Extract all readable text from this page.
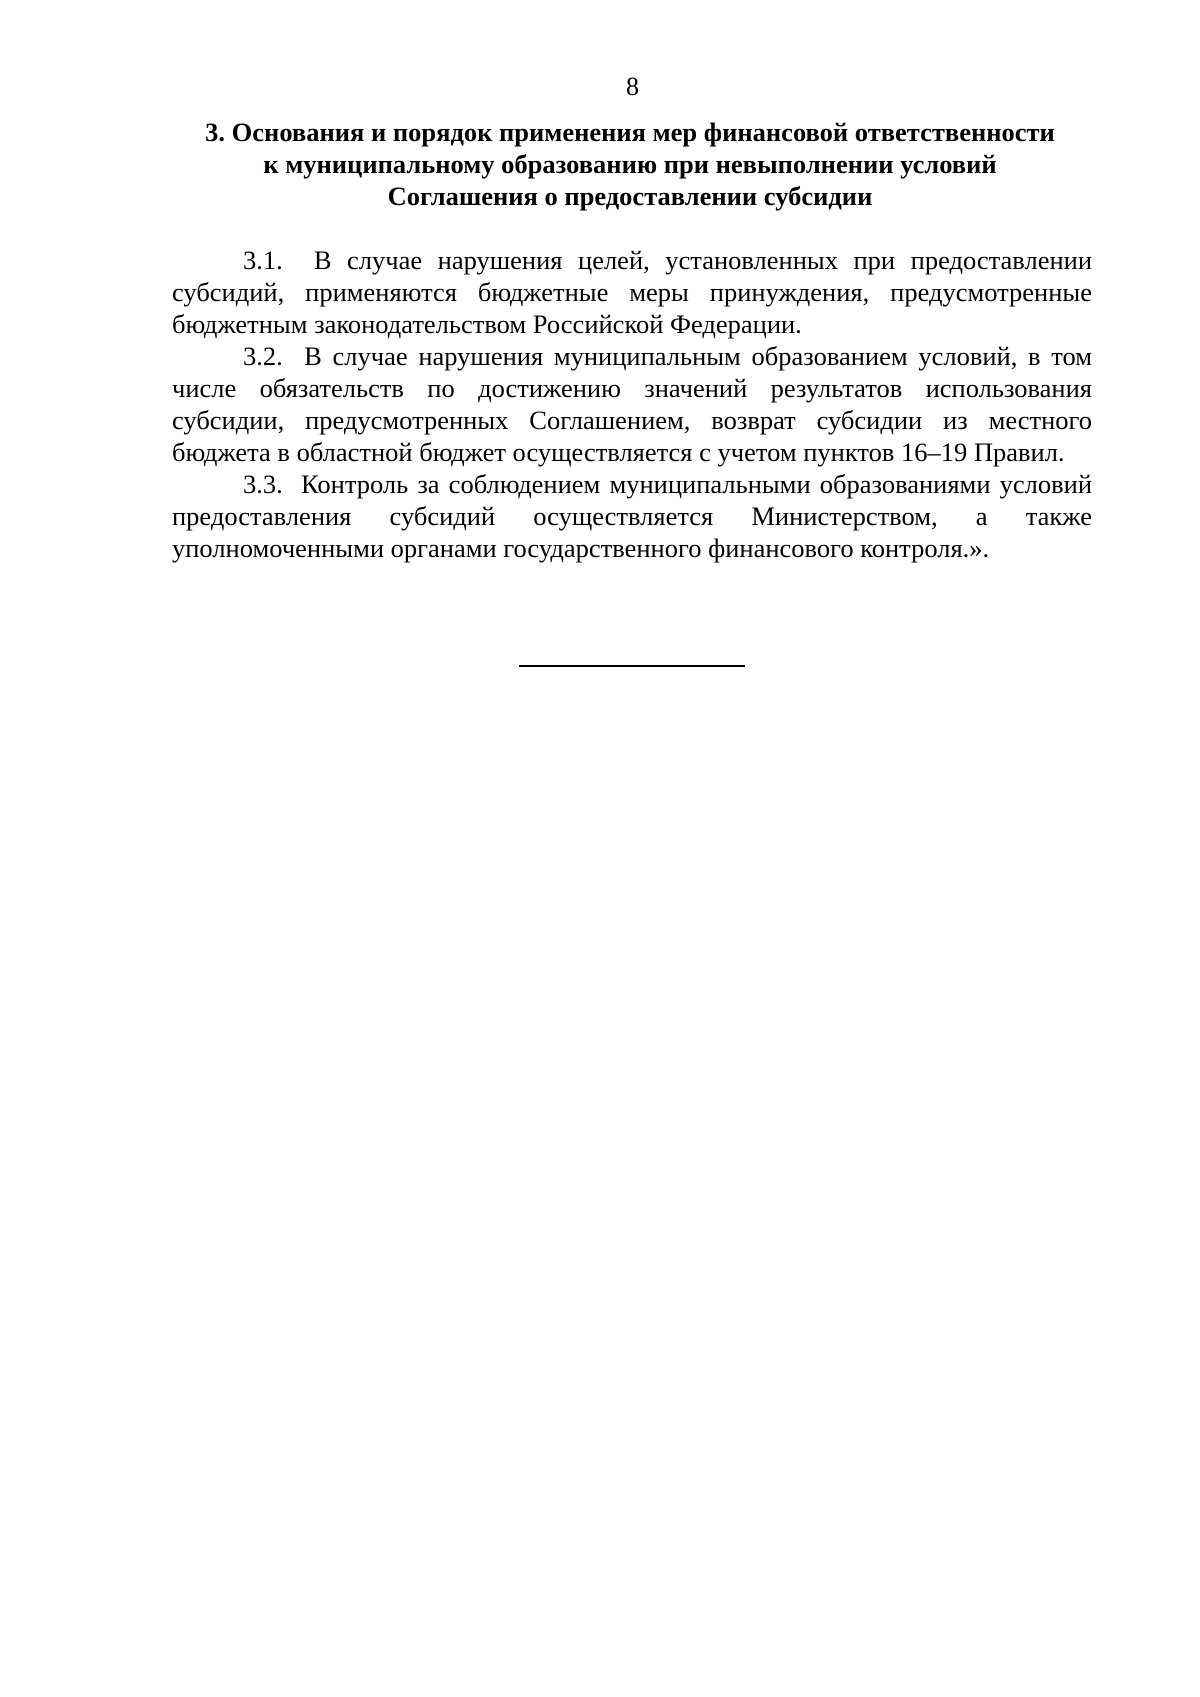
8
3. Основания и порядок применения мер финансовой ответственности
к муниципальному образованию при невыполнении условий
Соглашения о предоставлении субсидии

3.1. В случае нарушения целей, установленных при предоставлении субсидий, применяются бюджетные меры принуждения, предусмотренные бюджетным законодательством Российской Федерации.

3.2. В случае нарушения муниципальным образованием условий, в том числе обязательств по достижению значений результатов использования субсидии, предусмотренных Соглашением, возврат субсидии из местного бюджета в областной бюджет осуществляется с учетом пунктов 16–19 Правил.

3.3. Контроль за соблюдением муниципальными образованиями условий предоставления субсидий осуществляется Министерством, а также уполномоченными органами государственного финансового контроля.».
